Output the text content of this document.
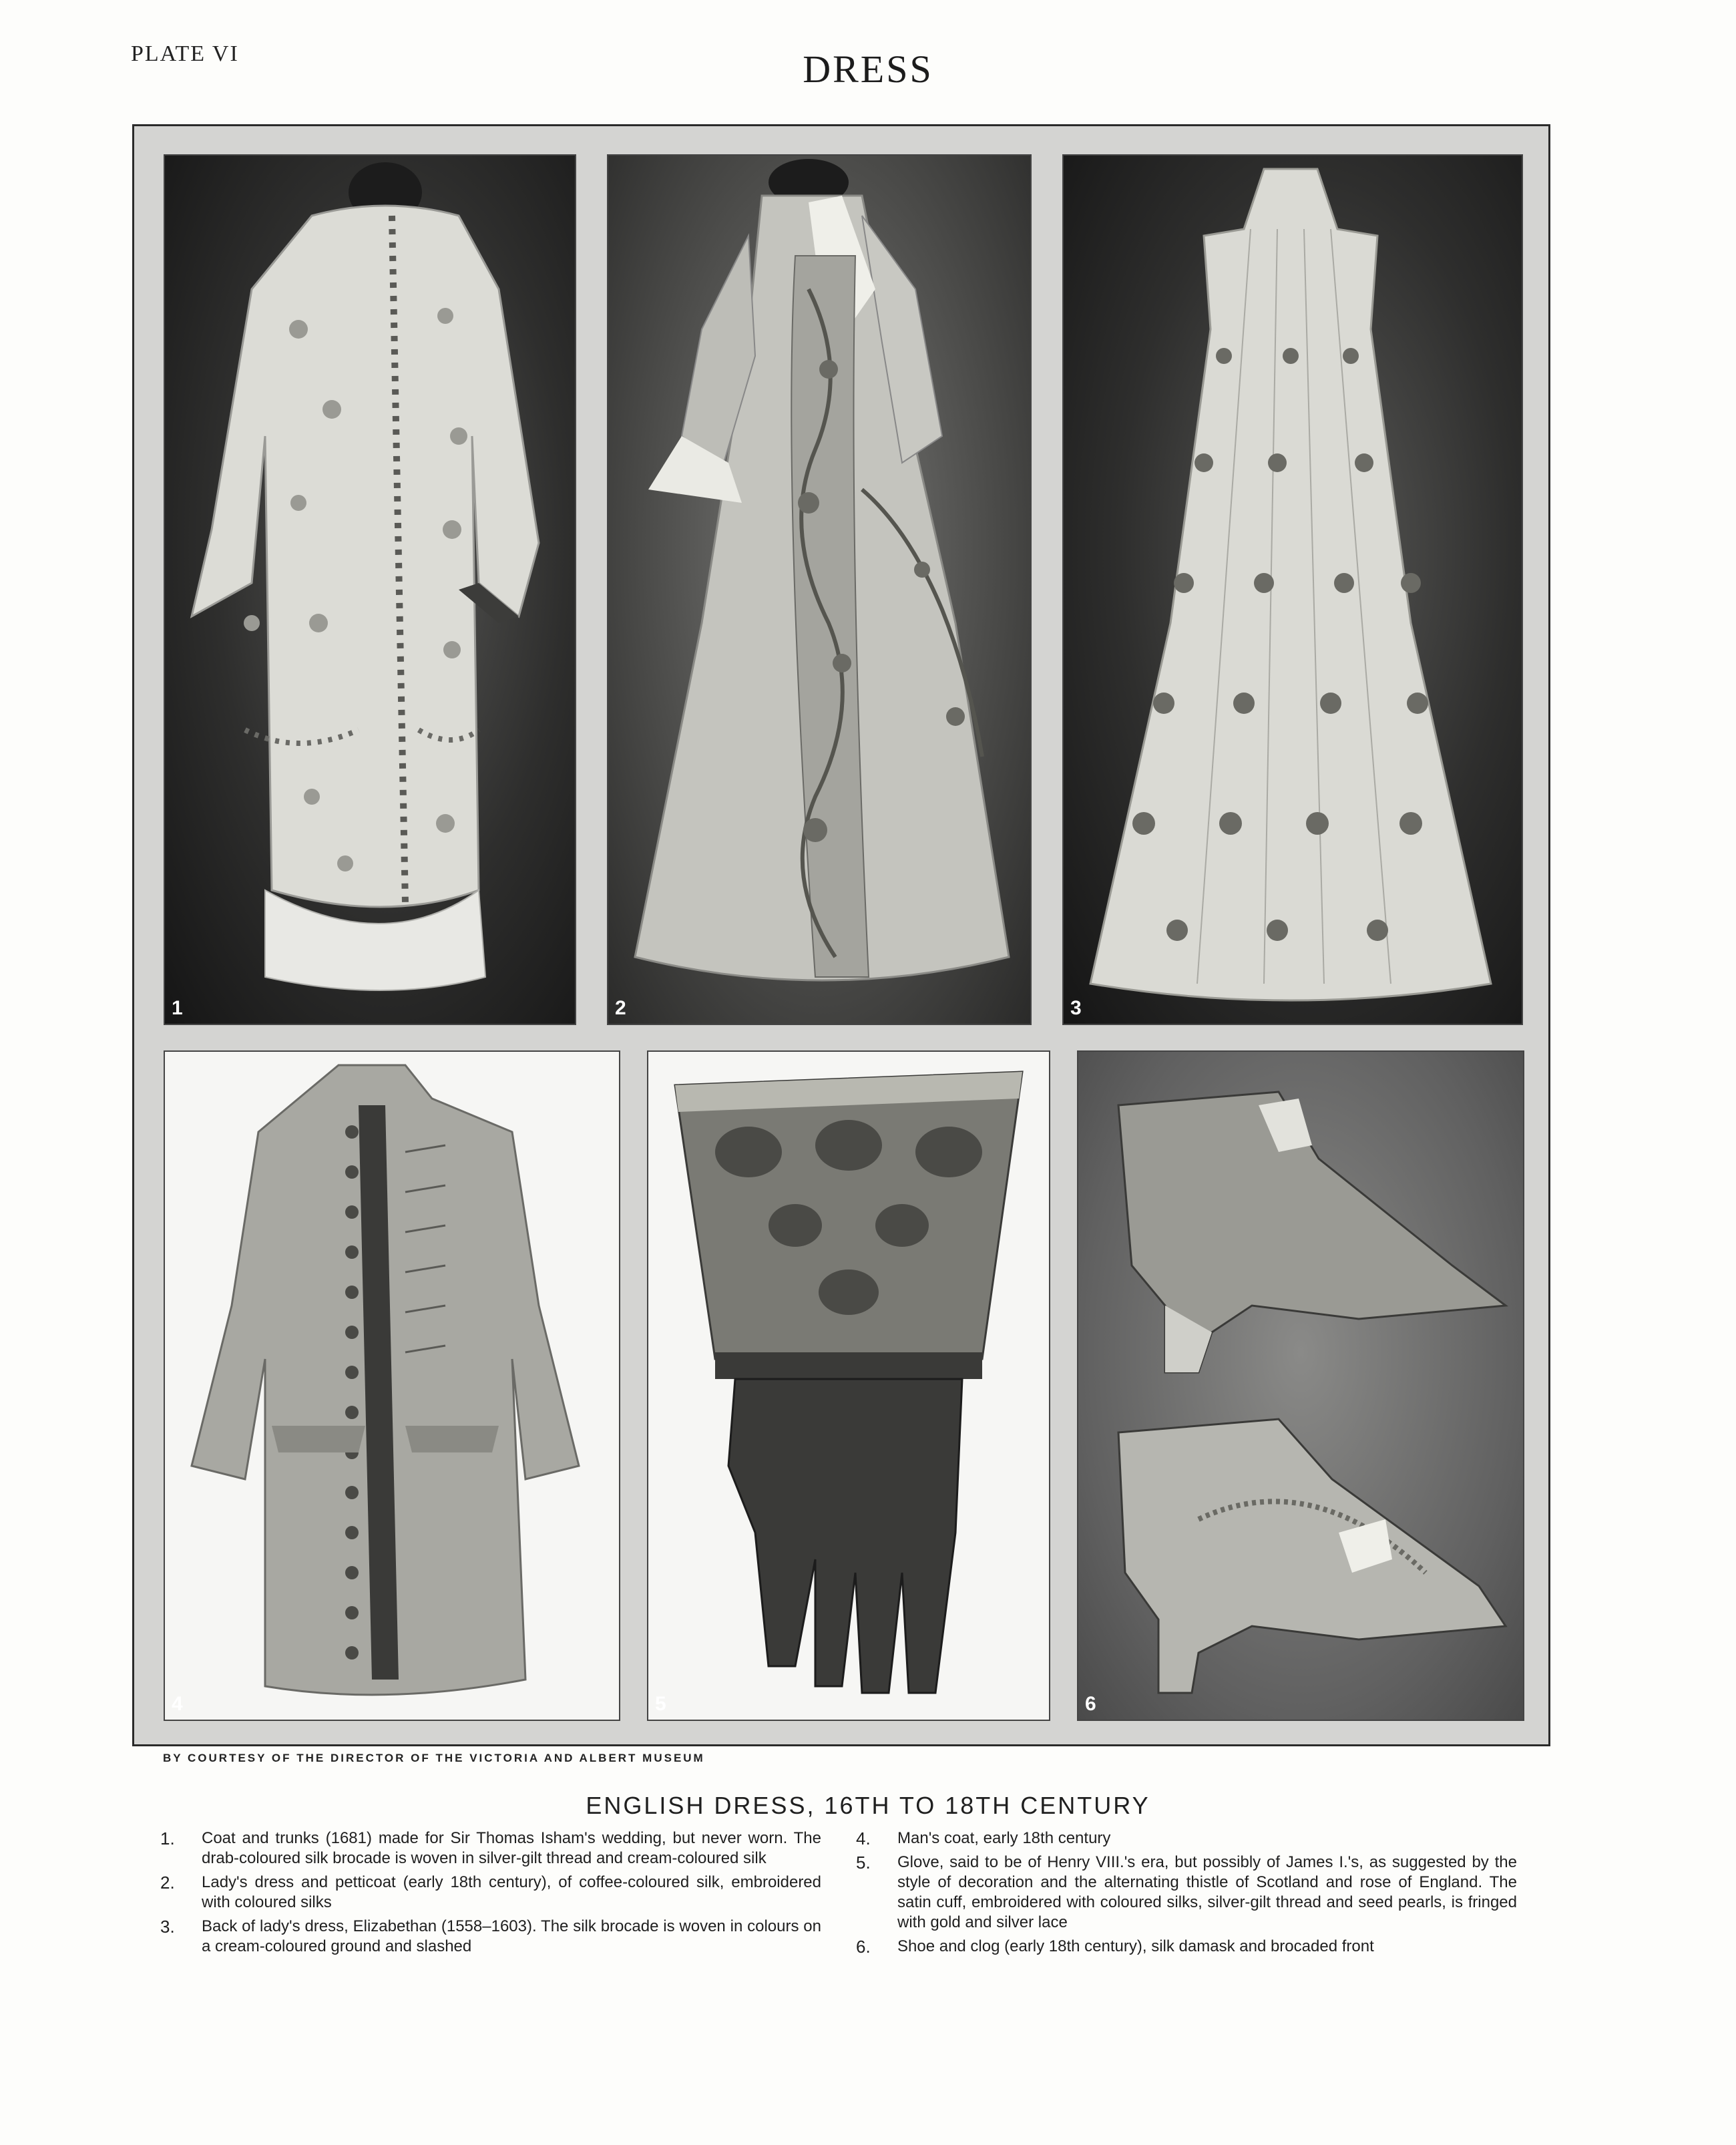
PLATE VI	DRESS
1	2	3
4	5	6
BY COURTESY OF THE DIRECTOR OF THE VICTORIA AND ALBERT MUSEUM
ENGLISH DRESS, 16TH TO 18TH CENTURY
1. Coat and trunks (1681) made for Sir Thomas Isham's wedding, but never worn. The drab-coloured silk brocade is woven in silver-gilt thread and cream-coloured silk
2. Lady's dress and petticoat (early 18th century), of coffee-coloured silk, embroidered with coloured silks
3. Back of lady's dress, Elizabethan (1558–1603). The silk brocade is woven in colours on a cream-coloured ground and slashed
4. Man's coat, early 18th century
5. Glove, said to be of Henry VIII.'s era, but possibly of James I.'s, as suggested by the style of decoration and the alternating thistle of Scotland and rose of England. The satin cuff, embroidered with coloured silks, silver-gilt thread and seed pearls, is fringed with gold and silver lace
6. Shoe and clog (early 18th century), silk damask and brocaded front
